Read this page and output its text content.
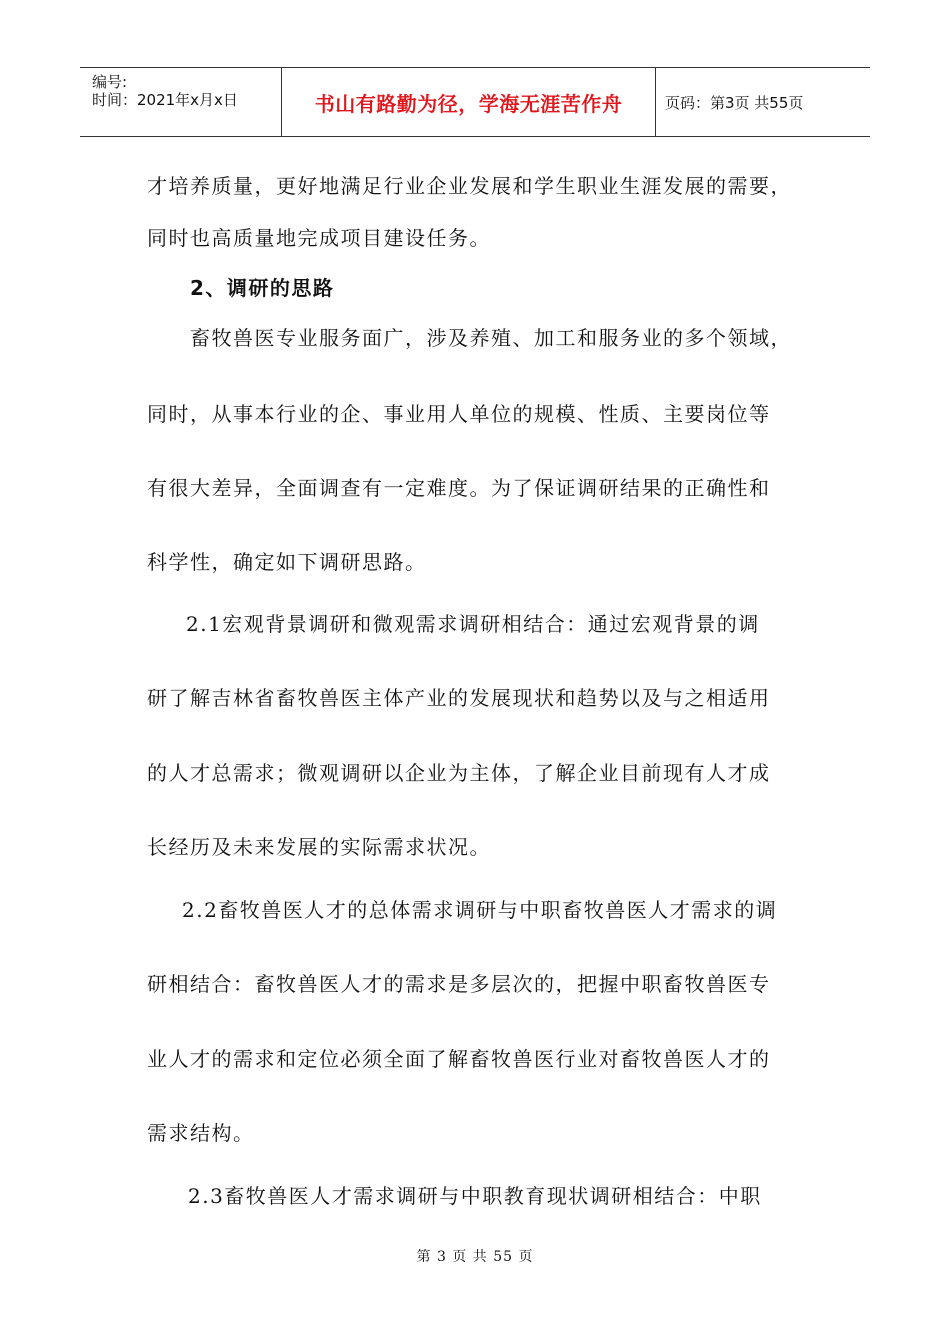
编号:
时间：2021年x月x日	书山有路勤为径，学海无涯苦作舟	页码：第3页 共55页
才培养质量，更好地满足行业企业发展和学生职业生涯发展的需要，
同时也高质量地完成项目建设任务。
2、调研的思路
畜牧兽医专业服务面广，涉及养殖、加工和服务业的多个领域，
同时，从事本行业的企、事业用人单位的规模、性质、主要岗位等
有很大差异，全面调查有一定难度。为了保证调研结果的正确性和
科学性，确定如下调研思路。
2.1宏观背景调研和微观需求调研相结合：通过宏观背景的调
研了解吉林省畜牧兽医主体产业的发展现状和趋势以及与之相适用
的人才总需求；微观调研以企业为主体，了解企业目前现有人才成
长经历及未来发展的实际需求状况。
2.2畜牧兽医人才的总体需求调研与中职畜牧兽医人才需求的调
研相结合：畜牧兽医人才的需求是多层次的，把握中职畜牧兽医专
业人才的需求和定位必须全面了解畜牧兽医行业对畜牧兽医人才的
需求结构。
2.3畜牧兽医人才需求调研与中职教育现状调研相结合：中职
第 3 页 共 55 页
